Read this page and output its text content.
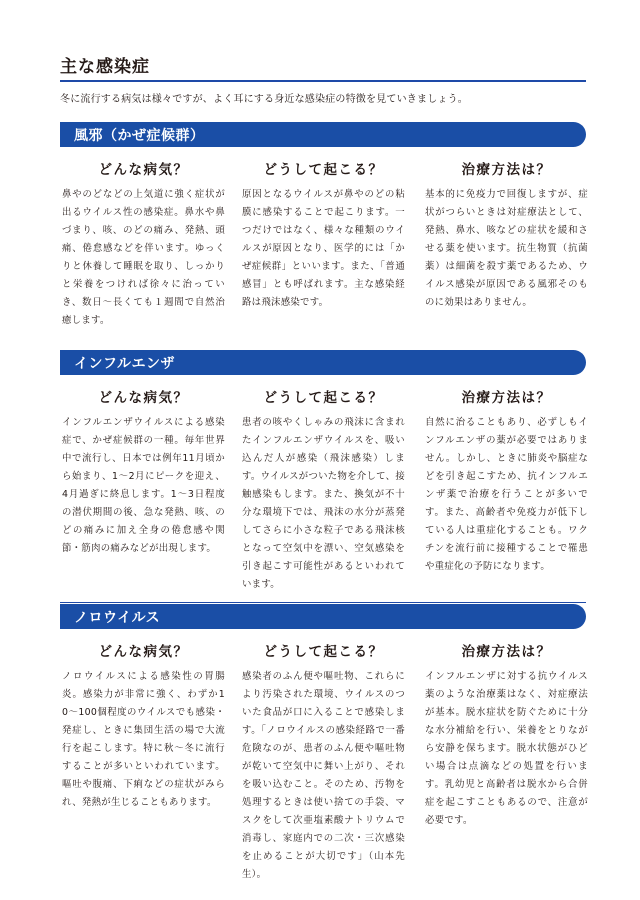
主な感染症
冬に流行する病気は様々ですが、よく耳にする身近な感染症の特徴を見ていきましょう。
風邪（かぜ症候群）
どんな病気？
鼻やのどなどの上気道に強く症状が出るウイルス性の感染症。鼻水や鼻づまり、咳、のどの痛み、発熱、頭痛、倦怠感などを伴います。ゆっくりと休養して睡眠を取り、しっかりと栄養をつければ徐々に治っていき、数日〜長くても１週間で自然治癒します。
どうして起こる？
原因となるウイルスが鼻やのどの粘膜に感染することで起こります。一つだけではなく、様々な種類のウイルスが原因となり、医学的には「かぜ症候群」といいます。また、「普通感冒」とも呼ばれます。主な感染経路は飛沫感染です。
治療方法は？
基本的に免疫力で回復しますが、症状がつらいときは対症療法として、発熱、鼻水、咳などの症状を緩和させる薬を使います。抗生物質（抗菌薬）は細菌を殺す薬であるため、ウイルス感染が原因である風邪そのものに効果はありません。
インフルエンザ
どんな病気？
インフルエンザウイルスによる感染症で、かぜ症候群の一種。毎年世界中で流行し、日本では例年11月頃から始まり、1〜2月にピークを迎え、4月過ぎに終息します。1〜3日程度の潜伏期間の後、急な発熱、咳、のどの痛みに加え全身の倦怠感や関節・筋肉の痛みなどが出現します。
どうして起こる？
患者の咳やくしゃみの飛沫に含まれたインフルエンザウイルスを、吸い込んだ人が感染（飛沫感染）します。ウイルスがついた物を介して、接触感染もします。また、換気が不十分な環境下では、飛沫の水分が蒸発してさらに小さな粒子である飛沫核となって空気中を漂い、空気感染を引き起こす可能性があるといわれています。
治療方法は？
自然に治ることもあり、必ずしもインフルエンザの薬が必要ではありません。しかし、ときに肺炎や脳症などを引き起こすため、抗インフルエンザ薬で治療を行うことが多いです。また、高齢者や免疫力が低下している人は重症化することも。ワクチンを流行前に接種することで罹患や重症化の予防になります。
ノロウイルス
どんな病気？
ノロウイルスによる感染性の胃腸炎。感染力が非常に強く、わずか10〜100個程度のウイルスでも感染・発症し、ときに集団生活の場で大流行を起こします。特に秋〜冬に流行することが多いといわれています。嘔吐や腹痛、下痢などの症状がみられ、発熱が生じることもあります。
どうして起こる？
感染者のふん便や嘔吐物、これらにより汚染された環境、ウイルスのついた食品が口に入ることで感染します。「ノロウイルスの感染経路で一番危険なのが、患者のふん便や嘔吐物が乾いて空気中に舞い上がり、それを吸い込むこと。そのため、汚物を処理するときは使い捨ての手袋、マスクをして次亜塩素酸ナトリウムで消毒し、家庭内での二次・三次感染を止めることが大切です」（山本先生）。
治療方法は？
インフルエンザに対する抗ウイルス薬のような治療薬はなく、対症療法が基本。脱水症状を防ぐために十分な水分補給を行い、栄養をとりながら安静を保ちます。脱水状態がひどい場合は点滴などの処置を行います。乳幼児と高齢者は脱水から合併症を起こすこともあるので、注意が必要です。
